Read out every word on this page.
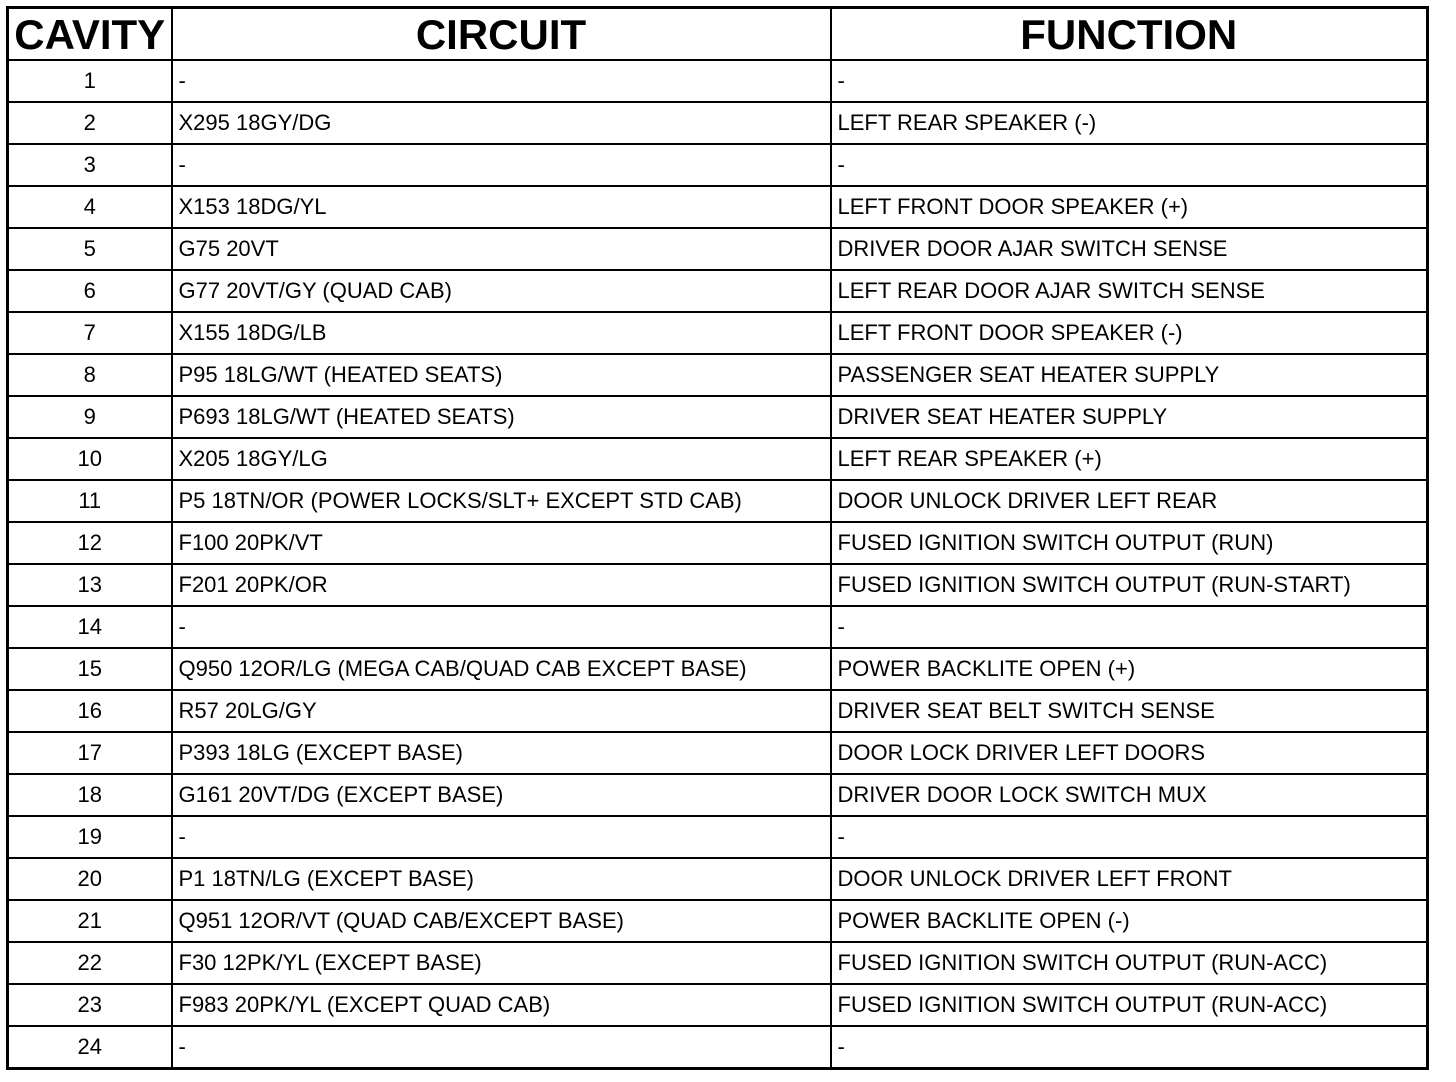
CAVITY	CIRCUIT	FUNCTION
1	-	-
2	X295 18GY/DG	LEFT REAR SPEAKER (-)
3	-	-
4	X153 18DG/YL	LEFT FRONT DOOR SPEAKER (+)
5	G75 20VT	DRIVER DOOR AJAR SWITCH SENSE
6	G77 20VT/GY (QUAD CAB)	LEFT REAR DOOR AJAR SWITCH SENSE
7	X155 18DG/LB	LEFT FRONT DOOR SPEAKER (-)
8	P95 18LG/WT (HEATED SEATS)	PASSENGER SEAT HEATER SUPPLY
9	P693 18LG/WT (HEATED SEATS)	DRIVER SEAT HEATER SUPPLY
10	X205 18GY/LG	LEFT REAR SPEAKER (+)
11	P5 18TN/OR (POWER LOCKS/SLT+ EXCEPT STD CAB)	DOOR UNLOCK DRIVER LEFT REAR
12	F100 20PK/VT	FUSED IGNITION SWITCH OUTPUT (RUN)
13	F201 20PK/OR	FUSED IGNITION SWITCH OUTPUT (RUN-START)
14	-	-
15	Q950 12OR/LG (MEGA CAB/QUAD CAB EXCEPT BASE)	POWER BACKLITE OPEN (+)
16	R57 20LG/GY	DRIVER SEAT BELT SWITCH SENSE
17	P393 18LG (EXCEPT BASE)	DOOR LOCK DRIVER LEFT DOORS
18	G161 20VT/DG (EXCEPT BASE)	DRIVER DOOR LOCK SWITCH MUX
19	-	-
20	P1 18TN/LG (EXCEPT BASE)	DOOR UNLOCK DRIVER LEFT FRONT
21	Q951 12OR/VT (QUAD CAB/EXCEPT BASE)	POWER BACKLITE OPEN (-)
22	F30 12PK/YL (EXCEPT BASE)	FUSED IGNITION SWITCH OUTPUT (RUN-ACC)
23	F983 20PK/YL (EXCEPT QUAD CAB)	FUSED IGNITION SWITCH OUTPUT (RUN-ACC)
24	-	-
